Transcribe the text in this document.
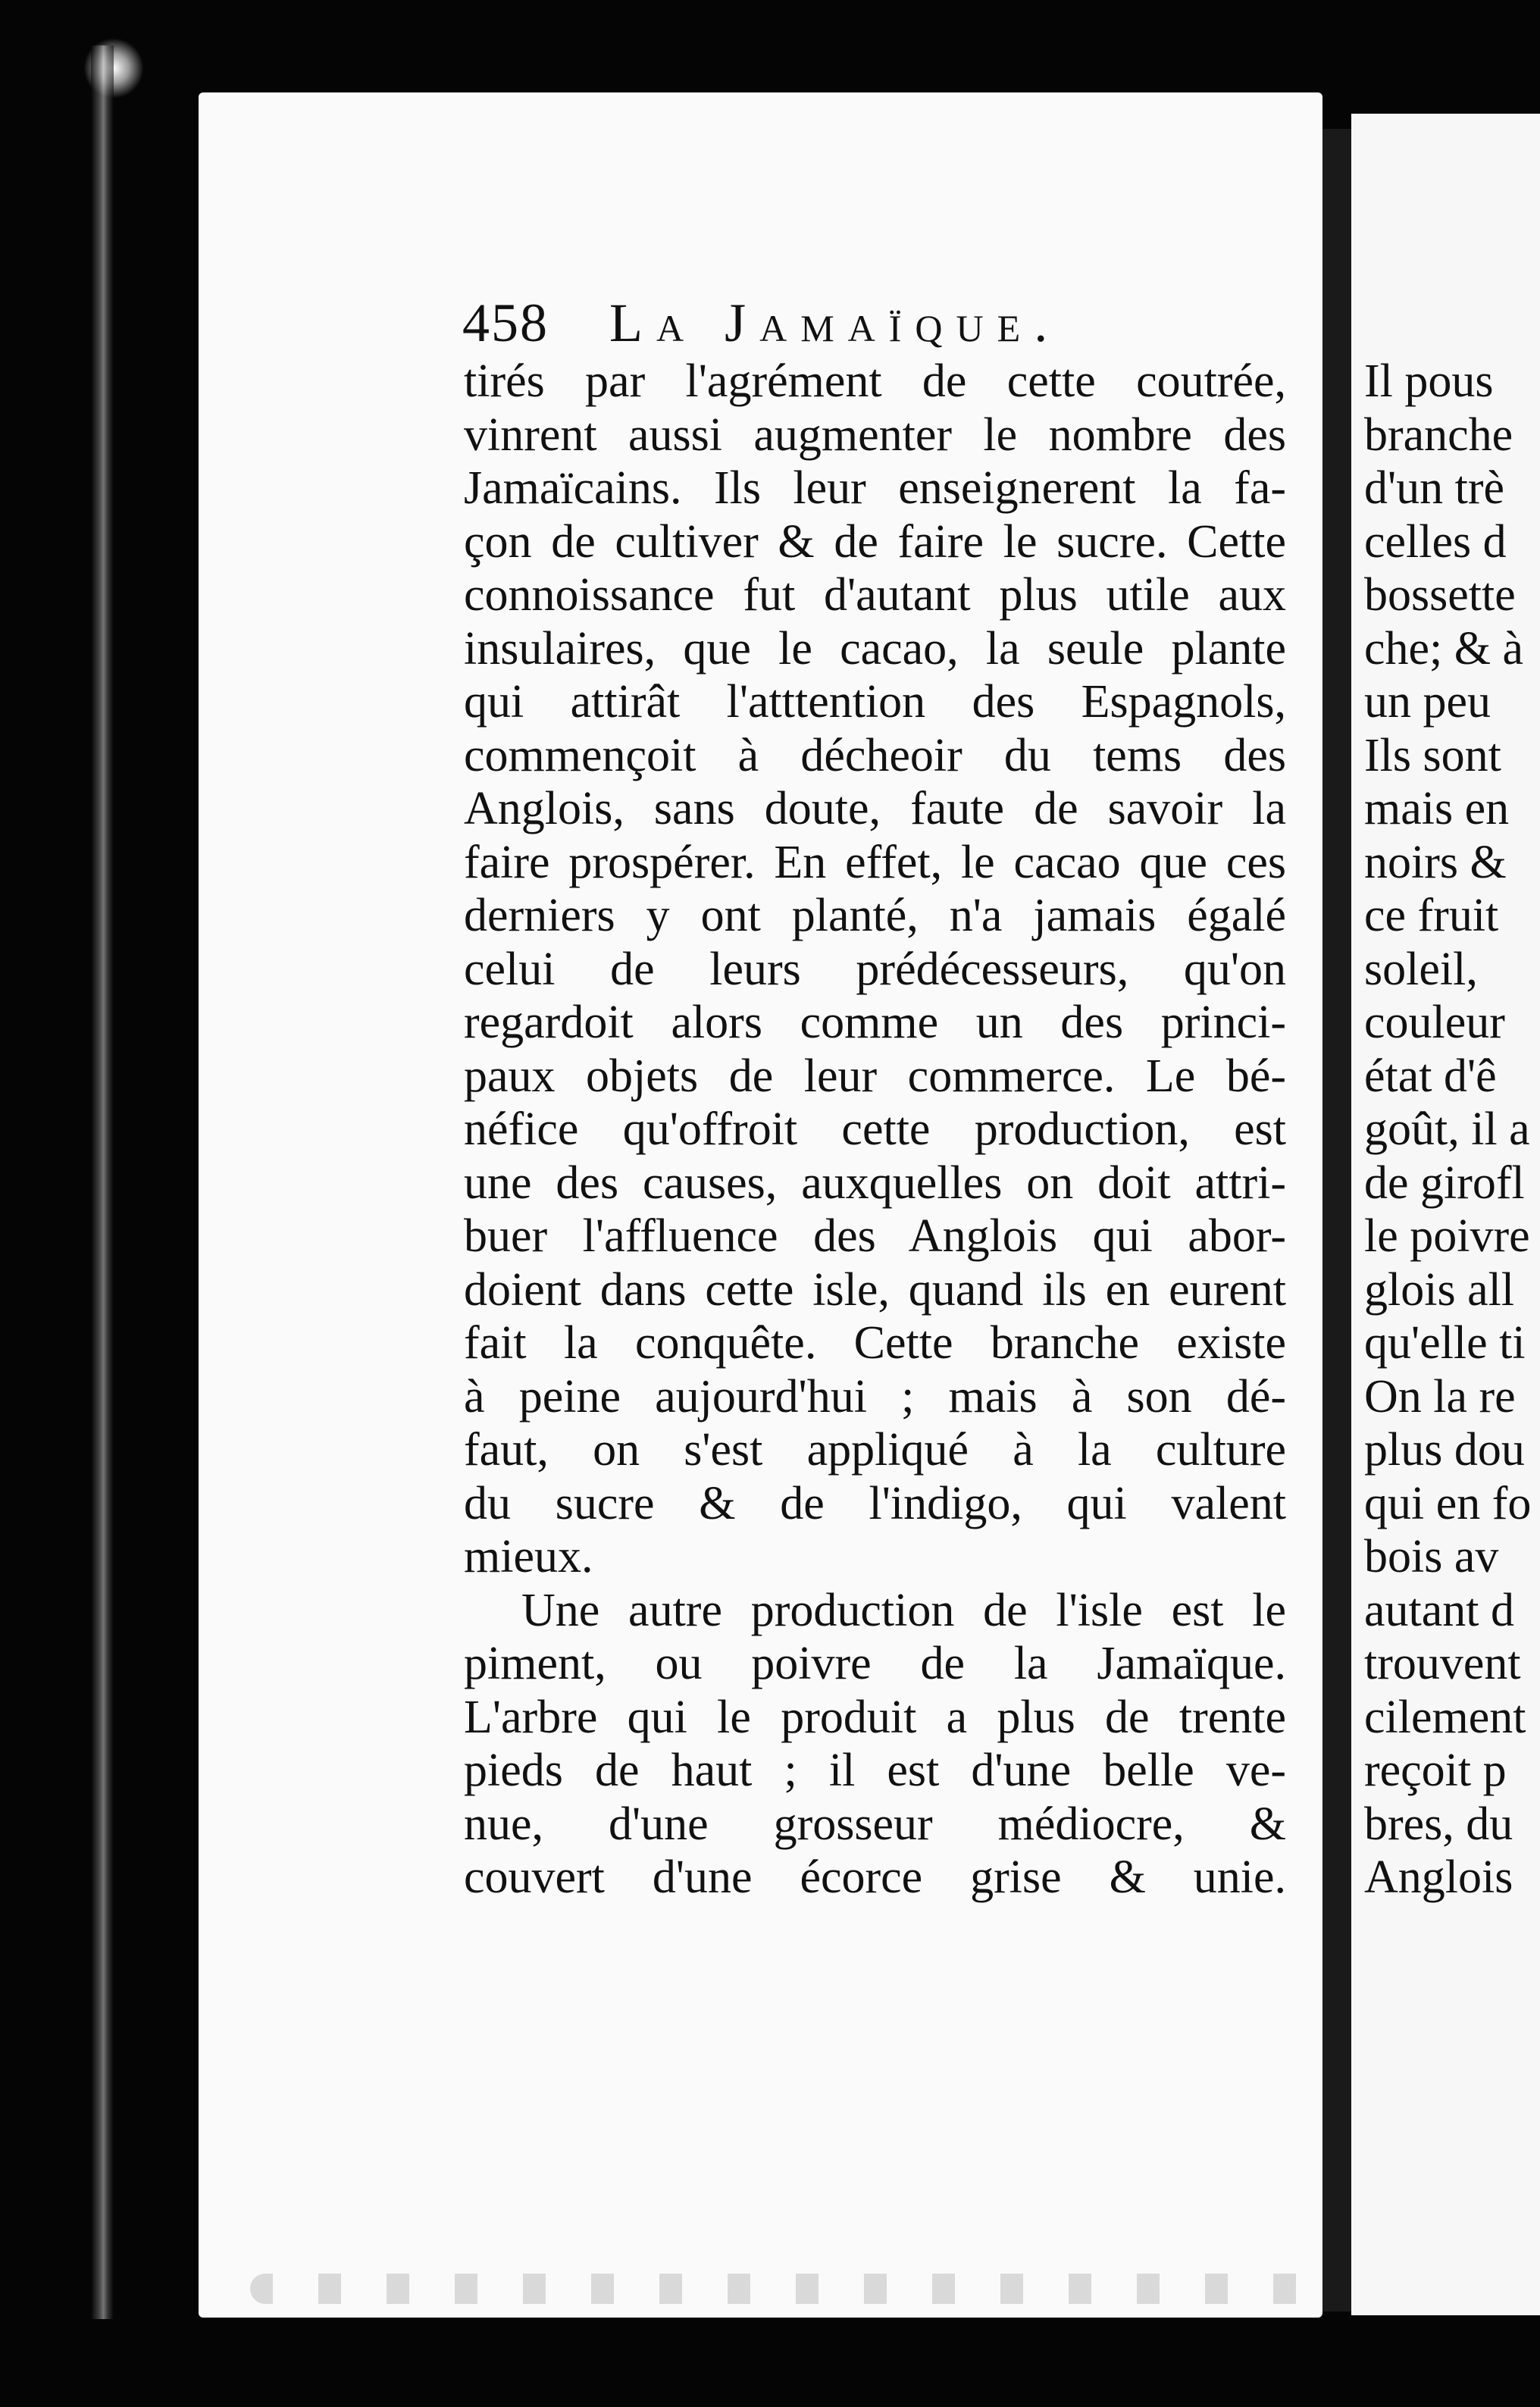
458 La Jamaïque.
tirés par l'agrément de cette coutrée,
vinrent aussi augmenter le nombre des
Jamaïcains. Ils leur enseignerent la fa-
çon de cultiver & de faire le sucre. Cette
connoissance fut d'autant plus utile aux
insulaires, que le cacao, la seule plante
qui attirât l'atttention des Espagnols,
commençoit à décheoir du tems des
Anglois, sans doute, faute de savoir la
faire prospérer. En effet, le cacao que ces
derniers y ont planté, n'a jamais égalé
celui de leurs prédécesseurs, qu'on
regardoit alors comme un des princi-
paux objets de leur commerce. Le bé-
néfice qu'offroit cette production, est
une des causes, auxquelles on doit attri-
buer l'affluence des Anglois qui abor-
doient dans cette isle, quand ils en eurent
fait la conquête. Cette branche existe
à peine aujourd'hui ; mais à son dé-
faut, on s'est appliqué à la culture
du sucre & de l'indigo, qui valent
mieux.
Une autre production de l'isle est le
piment, ou poivre de la Jamaïque.
L'arbre qui le produit a plus de trente
pieds de haut ; il est d'une belle ve-
nue, d'une grosseur médiocre, &
couvert d'une écorce grise & unie.
Il pous
branche
d'un trè
celles d
bossette
che; & à
un peu
Ils sont
mais en
noirs &
ce fruit
soleil,
couleur
état d'ê
goût, il a
de girofl
le poivre
glois all
qu'elle ti
On la re
plus dou
qui en fo
bois av
autant d
trouvent
cilement
reçoit p
bres, du
Anglois
